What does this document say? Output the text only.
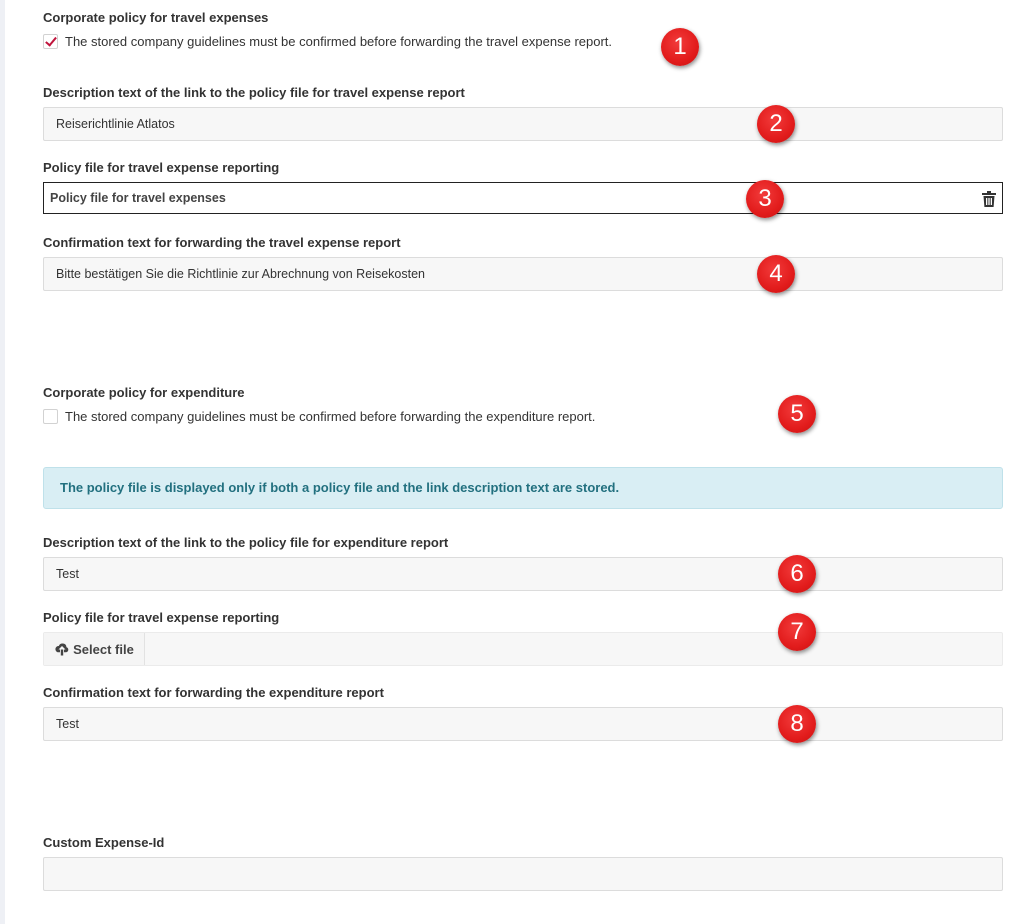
Corporate policy for travel expenses
The stored company guidelines must be confirmed before forwarding the travel expense report.
Description text of the link to the policy file for travel expense report
Reiserichtlinie Atlatos
Policy file for travel expense reporting
Policy file for travel expenses
Confirmation text for forwarding the travel expense report
Bitte bestätigen Sie die Richtlinie zur Abrechnung von Reisekosten
Corporate policy for expenditure
The stored company guidelines must be confirmed before forwarding the expenditure report.
The policy file is displayed only if both a policy file and the link description text are stored.
Description text of the link to the policy file for expenditure report
Test
Policy file for travel expense reporting
Select file
Confirmation text for forwarding the expenditure report
Test
Custom Expense-Id
1
2
3
4
5
6
7
8
